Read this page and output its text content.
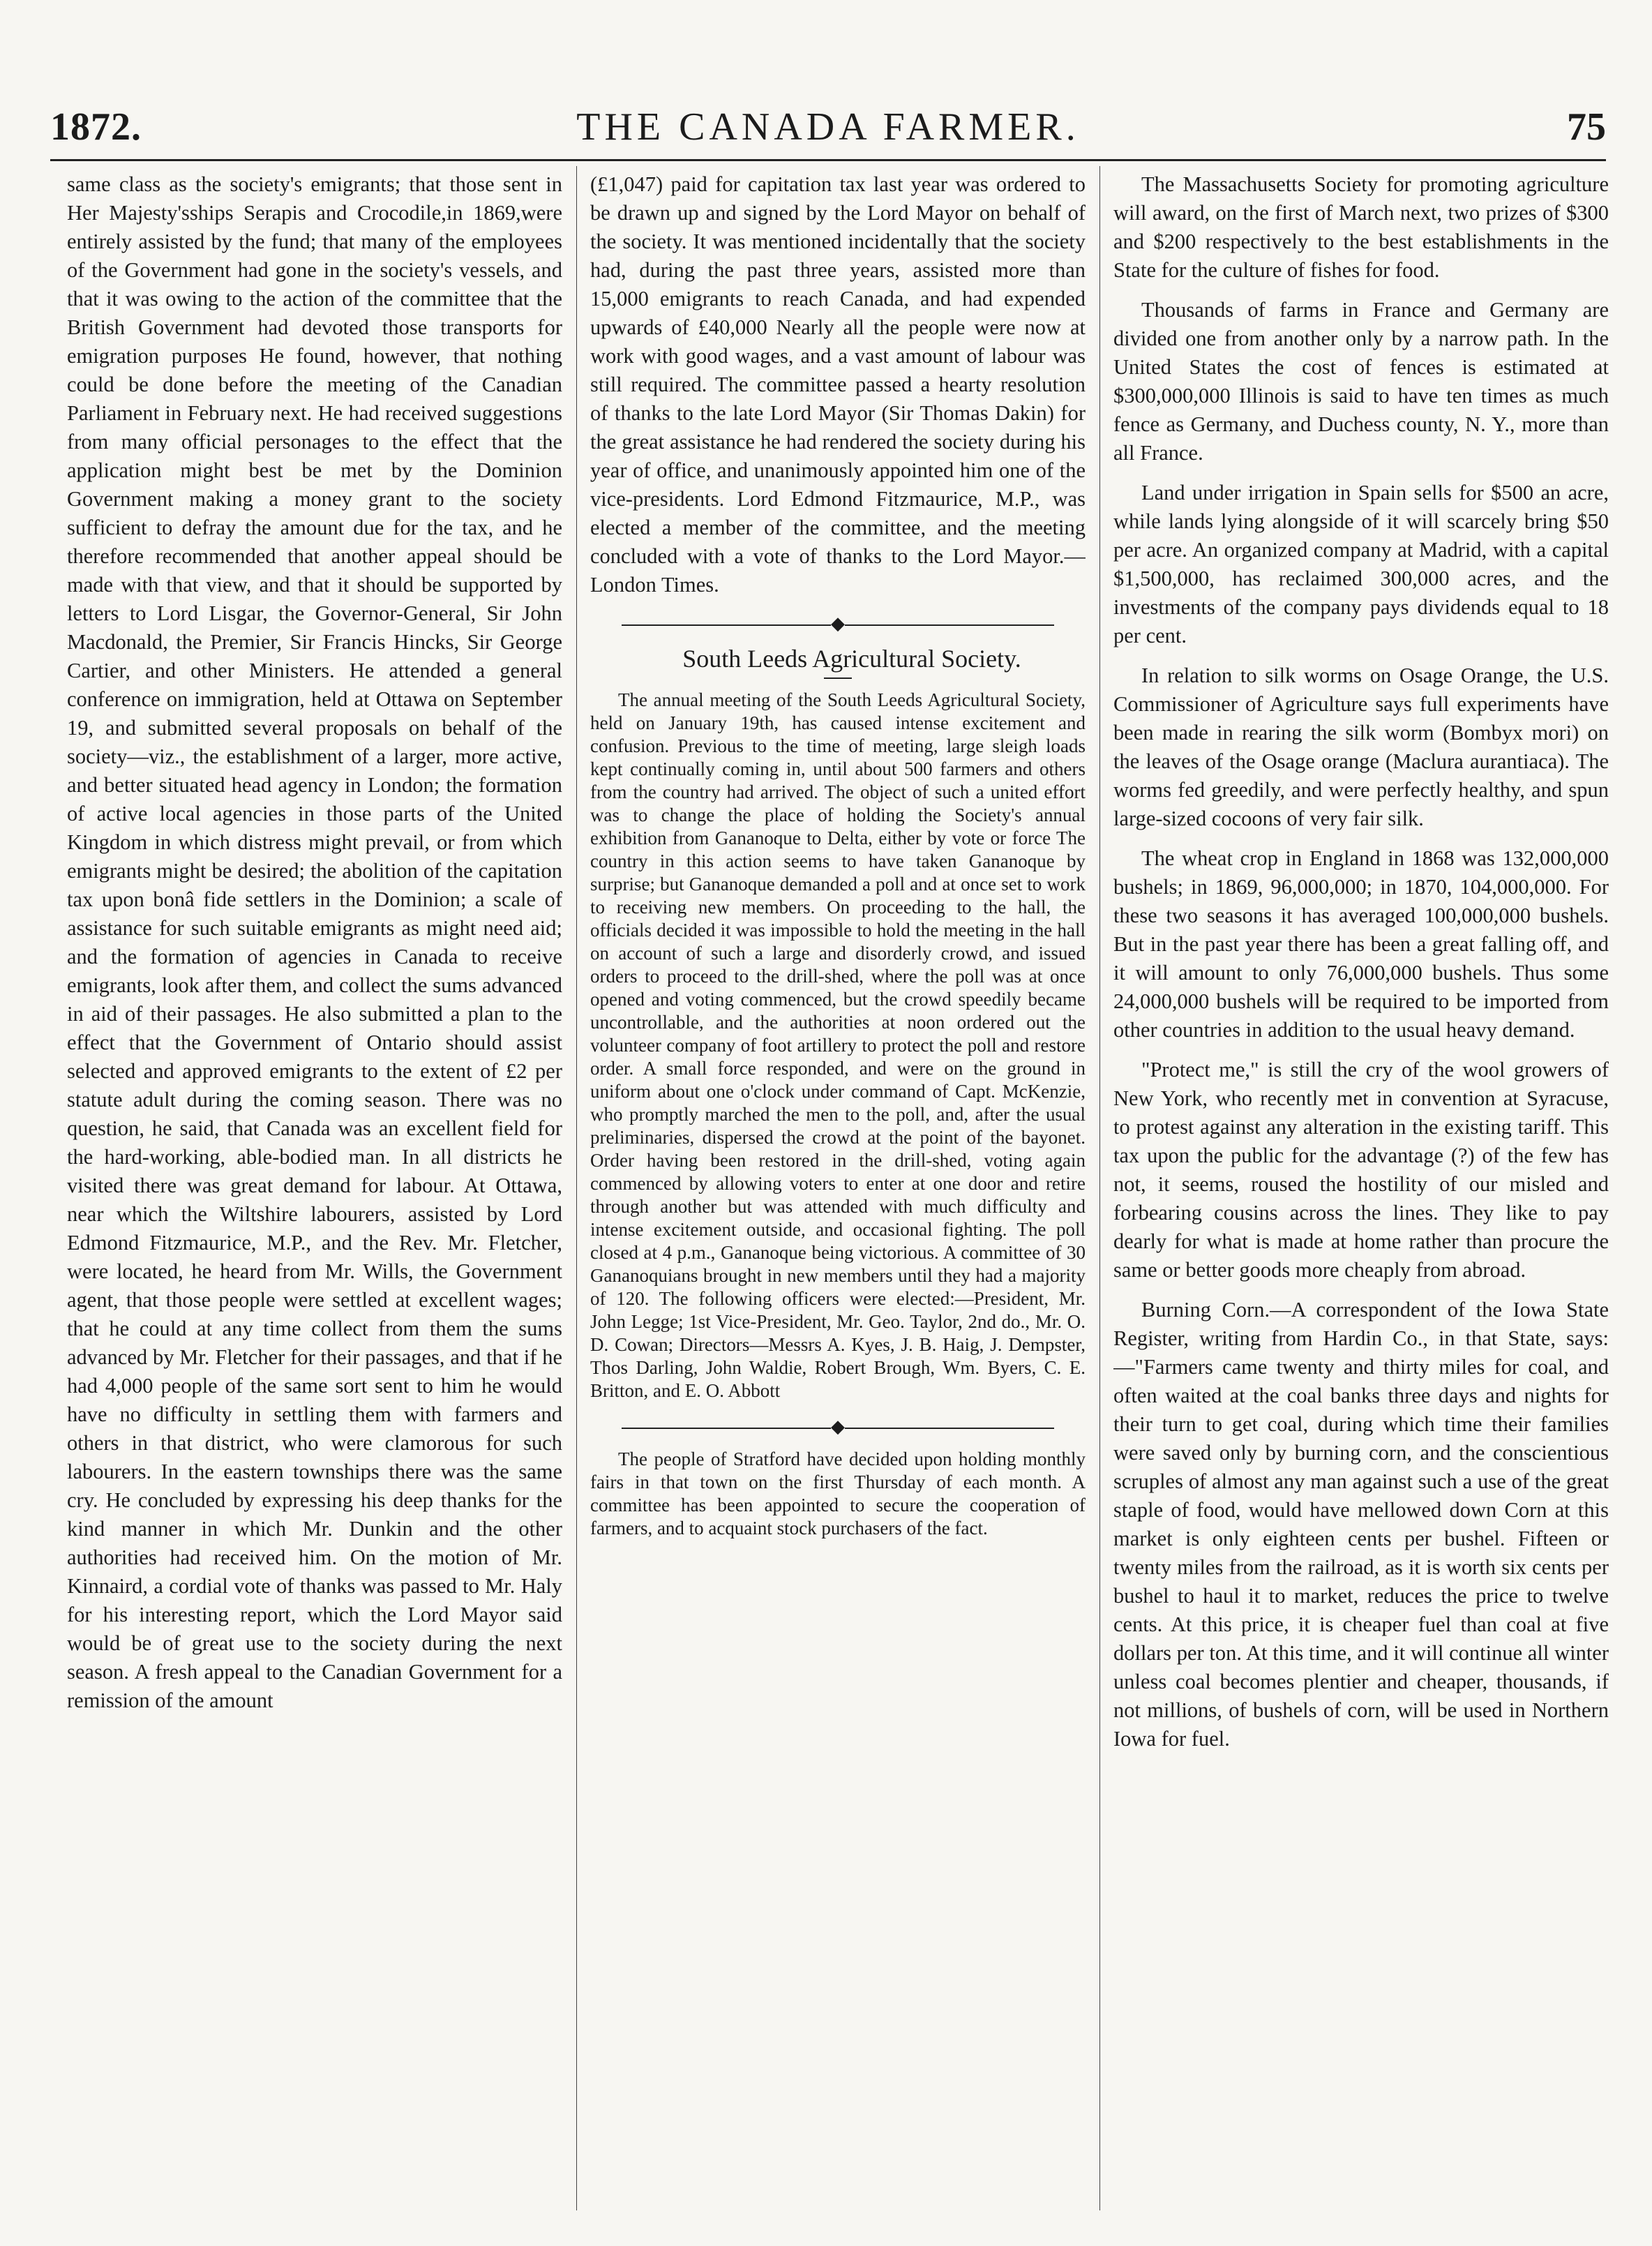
1872.	THE CANADA FARMER.	75

same class as the society's emigrants; that those sent in Her Majesty'sships Serapis and Crocodile,in 1869,were entirely assisted by the fund; that many of the employees of the Government had gone in the society's vessels, and that it was owing to the action of the committee that the British Government had devoted those transports for emigration purposes He found, however, that nothing could be done before the meeting of the Canadian Parliament in February next. He had received suggestions from many official personages to the effect that the application might best be met by the Dominion Government making a money grant to the society sufficient to defray the amount due for the tax, and he therefore recommended that another appeal should be made with that view, and that it should be supported by letters to Lord Lisgar, the Governor-General, Sir John Macdonald, the Premier, Sir Francis Hincks, Sir George Cartier, and other Ministers. He attended a general conference on immigration, held at Ottawa on September 19, and submitted several proposals on behalf of the society—viz., the establishment of a larger, more active, and better situated head agency in London; the formation of active local agencies in those parts of the United Kingdom in which distress might prevail, or from which emigrants might be desired; the abolition of the capitation tax upon bonâ fide settlers in the Dominion; a scale of assistance for such suitable emigrants as might need aid; and the formation of agencies in Canada to receive emigrants, look after them, and collect the sums advanced in aid of their passages. He also submitted a plan to the effect that the Government of Ontario should assist selected and approved emigrants to the extent of £2 per statute adult during the coming season. There was no question, he said, that Canada was an excellent field for the hard-working, able-bodied man. In all districts he visited there was great demand for labour. At Ottawa, near which the Wiltshire labourers, assisted by Lord Edmond Fitzmaurice, M.P., and the Rev. Mr. Fletcher, were located, he heard from Mr. Wills, the Government agent, that those people were settled at excellent wages; that he could at any time collect from them the sums advanced by Mr. Fletcher for their passages, and that if he had 4,000 people of the same sort sent to him he would have no difficulty in settling them with farmers and others in that district, who were clamorous for such labourers. In the eastern townships there was the same cry. He concluded by expressing his deep thanks for the kind manner in which Mr. Dunkin and the other authorities had received him. On the motion of Mr. Kinnaird, a cordial vote of thanks was passed to Mr. Haly for his interesting report, which the Lord Mayor said would be of great use to the society during the next season. A fresh appeal to the Canadian Government for a remission of the amount

(£1,047) paid for capitation tax last year was ordered to be drawn up and signed by the Lord Mayor on behalf of the society. It was mentioned incidentally that the society had, during the past three years, assisted more than 15,000 emigrants to reach Canada, and had expended upwards of £40,000 Nearly all the people were now at work with good wages, and a vast amount of labour was still required. The committee passed a hearty resolution of thanks to the late Lord Mayor (Sir Thomas Dakin) for the great assistance he had rendered the society during his year of office, and unanimously appointed him one of the vice-presidents. Lord Edmond Fitzmaurice, M.P., was elected a member of the committee, and the meeting concluded with a vote of thanks to the Lord Mayor.—London Times.

◆

South Leeds Agricultural Society.

The annual meeting of the South Leeds Agricultural Society, held on January 19th, has caused intense excitement and confusion. Previous to the time of meeting, large sleigh loads kept continually coming in, until about 500 farmers and others from the country had arrived. The object of such a united effort was to change the place of holding the Society's annual exhibition from Gananoque to Delta, either by vote or force The country in this action seems to have taken Gananoque by surprise; but Gananoque demanded a poll and at once set to work to receiving new members. On proceeding to the hall, the officials decided it was impossible to hold the meeting in the hall on account of such a large and disorderly crowd, and issued orders to proceed to the drill-shed, where the poll was at once opened and voting commenced, but the crowd speedily became uncontrollable, and the authorities at noon ordered out the volunteer company of foot artillery to protect the poll and restore order. A small force responded, and were on the ground in uniform about one o'clock under command of Capt. McKenzie, who promptly marched the men to the poll, and, after the usual preliminaries, dispersed the crowd at the point of the bayonet. Order having been restored in the drill-shed, voting again commenced by allowing voters to enter at one door and retire through another but was attended with much difficulty and intense excitement outside, and occasional fighting. The poll closed at 4 p.m., Gananoque being victorious. A committee of 30 Gananoquians brought in new members until they had a majority of 120. The following officers were elected:—President, Mr. John Legge; 1st Vice-President, Mr. Geo. Taylor, 2nd do., Mr. O. D. Cowan; Directors—Messrs A. Kyes, J. B. Haig, J. Dempster, Thos Darling, John Waldie, Robert Brough, Wm. Byers, C. E. Britton, and E. O. Abbott

◆

The people of Stratford have decided upon holding monthly fairs in that town on the first Thursday of each month. A committee has been appointed to secure the cooperation of farmers, and to acquaint stock purchasers of the fact.

The Massachusetts Society for promoting agriculture will award, on the first of March next, two prizes of $300 and $200 respectively to the best establishments in the State for the culture of fishes for food.

Thousands of farms in France and Germany are divided one from another only by a narrow path. In the United States the cost of fences is estimated at $300,000,000 Illinois is said to have ten times as much fence as Germany, and Duchess county, N. Y., more than all France.

Land under irrigation in Spain sells for $500 an acre, while lands lying alongside of it will scarcely bring $50 per acre. An organized company at Madrid, with a capital $1,500,000, has reclaimed 300,000 acres, and the investments of the company pays dividends equal to 18 per cent.

In relation to silk worms on Osage Orange, the U.S. Commissioner of Agriculture says full experiments have been made in rearing the silk worm (Bombyx mori) on the leaves of the Osage orange (Maclura aurantiaca). The worms fed greedily, and were perfectly healthy, and spun large-sized cocoons of very fair silk.

The wheat crop in England in 1868 was 132,000,000 bushels; in 1869, 96,000,000; in 1870, 104,000,000. For these two seasons it has averaged 100,000,000 bushels. But in the past year there has been a great falling off, and it will amount to only 76,000,000 bushels. Thus some 24,000,000 bushels will be required to be imported from other countries in addition to the usual heavy demand.

"Protect me," is still the cry of the wool growers of New York, who recently met in convention at Syracuse, to protest against any alteration in the existing tariff. This tax upon the public for the advantage (?) of the few has not, it seems, roused the hostility of our misled and forbearing cousins across the lines. They like to pay dearly for what is made at home rather than procure the same or better goods more cheaply from abroad.

Burning Corn.—A correspondent of the Iowa State Register, writing from Hardin Co., in that State, says:—"Farmers came twenty and thirty miles for coal, and often waited at the coal banks three days and nights for their turn to get coal, during which time their families were saved only by burning corn, and the conscientious scruples of almost any man against such a use of the great staple of food, would have mellowed down Corn at this market is only eighteen cents per bushel. Fifteen or twenty miles from the railroad, as it is worth six cents per bushel to haul it to market, reduces the price to twelve cents. At this price, it is cheaper fuel than coal at five dollars per ton. At this time, and it will continue all winter unless coal becomes plentier and cheaper, thousands, if not millions, of bushels of corn, will be used in Northern Iowa for fuel.
